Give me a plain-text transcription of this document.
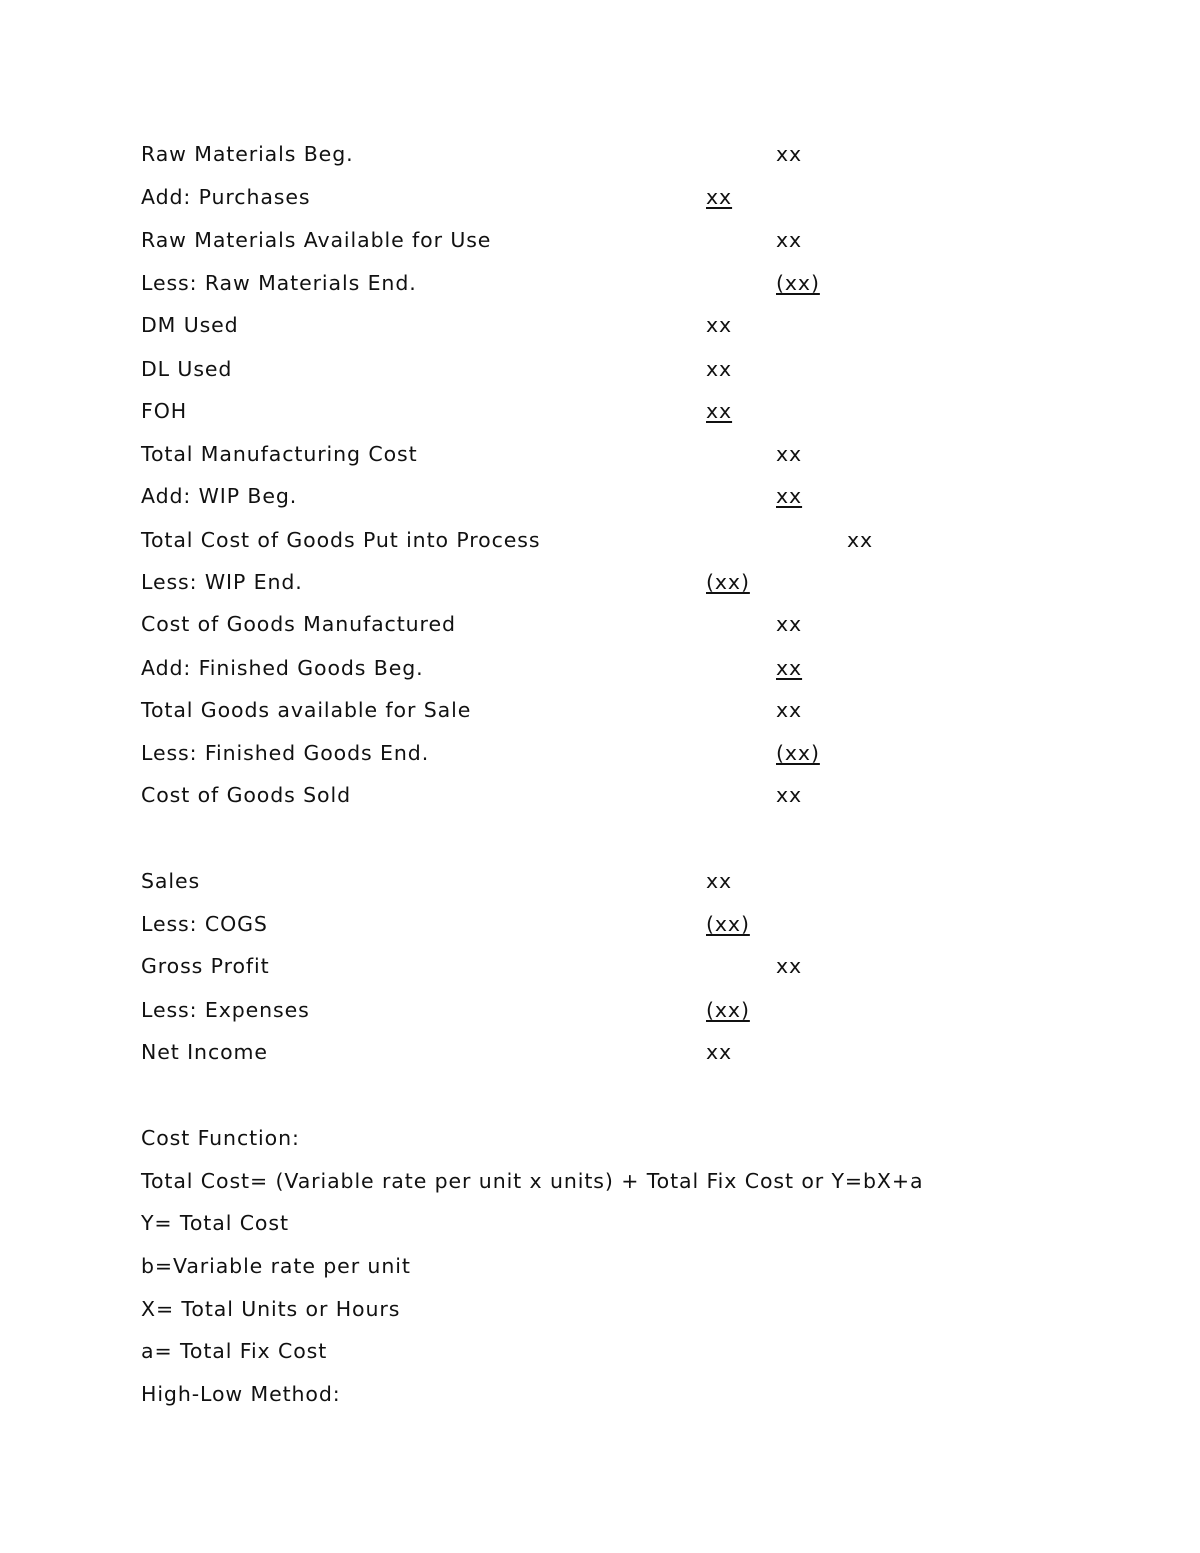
Raw Materials Beg.	xx
Add: Purchases	xx
Raw Materials Available for Use	xx
Less: Raw Materials End.	(xx)
DM Used	xx
DL Used	xx
FOH	xx
Total Manufacturing Cost	xx
Add: WIP Beg.	xx
Total Cost of Goods Put into Process	xx
Less: WIP End.	(xx)
Cost of Goods Manufactured	xx
Add: Finished Goods Beg.	xx
Total Goods available for Sale	xx
Less: Finished Goods End.	(xx)
Cost of Goods Sold	xx
Sales	xx
Less: COGS	(xx)
Gross Profit	xx
Less: Expenses	(xx)
Net Income	xx
Cost Function:
Total Cost= (Variable rate per unit x units) + Total Fix Cost or Y=bX+a
Y= Total Cost
b=Variable rate per unit
X= Total Units or Hours
a= Total Fix Cost
High-Low Method:
